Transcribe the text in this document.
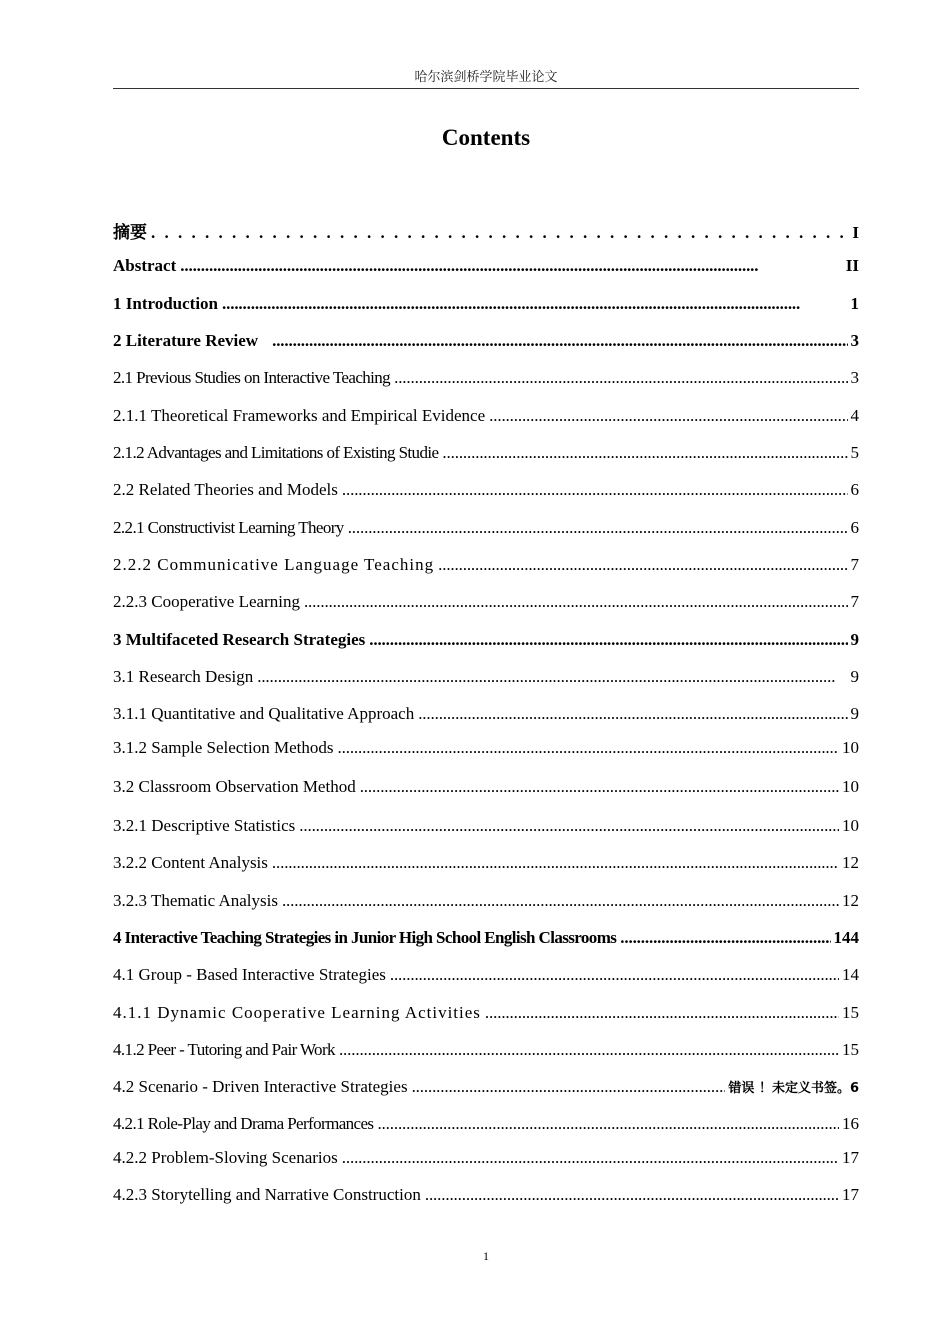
哈尔滨剑桥学院毕业论文
Contents
摘要 . . .	I
Abstract . . .	II
1 Introduction . . .	1
2 Literature Review . . .	3
2.1 Previous Studies on Interactive Teaching . . .	3
2.1.1 Theoretical Frameworks and Empirical Evidence . . .	4
2.1.2 Advantages and Limitations of Existing Studie . . .	5
2.2 Related Theories and Models . . .	6
2.2.1 Constructivist Learning Theory . . .	6
2.2.2 Communicative Language Teaching . . .	7
2.2.3 Cooperative Learning . . .	7
3 Multifaceted Research Strategies . . .	9
3.1 Research Design . . .	9
3.1.1 Quantitative and Qualitative Approach . . .	9
3.1.2 Sample Selection Methods . . .	10
3.2 Classroom Observation Method . . .	10
3.2.1 Descriptive Statistics . . .	10
3.2.2 Content Analysis . . .	12
3.2.3 Thematic Analysis . . .	12
4 Interactive Teaching Strategies in Junior High School English Classrooms . . .	144
4.1 Group - Based Interactive Strategies . . .	14
4.1.1 Dynamic Cooperative Learning Activities . . .	15
4.1.2 Peer - Tutoring and Pair Work . . .	15
4.2 Scenario - Driven Interactive Strategies . . .	错误 ！未定义书签。6
4.2.1 Role-Play and Drama Performances . . .	16
4.2.2 Problem-Sloving Scenarios . . .	17
4.2.3 Storytelling and Narrative Construction . . .	17
1
